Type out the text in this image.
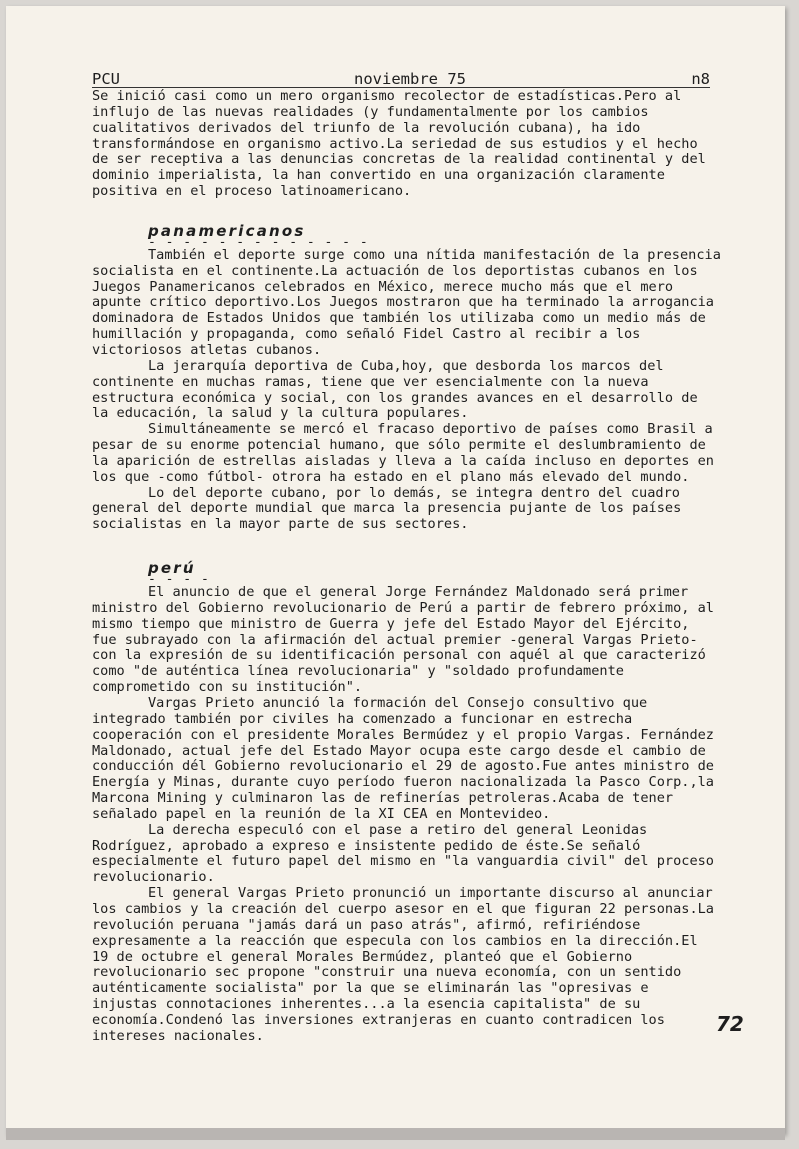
PCU	noviembre 75	n8

Se inició casi como un mero organismo recolector de estadísticas.Pero al influjo de las nuevas realidades (y fundamentalmente por los cambios cualitativos derivados del triunfo de la revolución cubana), ha ido transformándose en organismo activo.La seriedad de sus estudios y el hecho de ser receptiva a las denuncias concretas de la realidad continental y del dominio imperialista, la han convertido en una organización claramente positiva en el proceso latinoamericano.

panamericanos
- - - - - - - - - - - - -

También el deporte surge como una nítida manifestación de la presencia socialista en el continente.La actuación de los deportistas cubanos en los Juegos Panamericanos celebrados en México, merece mucho más que el mero apunte crítico deportivo.Los Juegos mostraron que ha terminado la arrogancia dominadora de Estados Unidos que también los utilizaba como un medio más de humillación y propaganda, como señaló Fidel Castro al recibir a los victoriosos atletas cubanos.

La jerarquía deportiva de Cuba,hoy, que desborda los marcos del continente en muchas ramas, tiene que ver esencialmente con la nueva estructura económica y social, con los grandes avances en el desarrollo de la educación, la salud y la cultura populares.

Simultáneamente se mercó el fracaso deportivo de países como Brasil a pesar de su enorme potencial humano, que sólo permite el deslumbramiento de la aparición de estrellas aisladas y lleva a la caída incluso en deportes en los que -como fútbol- otrora ha estado en el plano más elevado del mundo.

Lo del deporte cubano, por lo demás, se integra dentro del cuadro general del deporte mundial que marca la presencia pujante de los países socialistas en la mayor parte de sus sectores.

perú
- - - -

El anuncio de que el general Jorge Fernández Maldonado será primer ministro del Gobierno revolucionario de Perú a partir de febrero próximo, al mismo tiempo que ministro de Guerra y jefe del Estado Mayor del Ejército, fue subrayado con la afirmación del actual premier -general Vargas Prieto- con la expresión de su identificación personal con aquél al que caracterizó como "de auténtica línea revolucionaria" y "soldado profundamente comprometido con su institución".

Vargas Prieto anunció la formación del Consejo consultivo que integrado también por civiles ha comenzado a funcionar en estrecha cooperación con el presidente Morales Bermúdez y el propio Vargas. Fernández Maldonado, actual jefe del Estado Mayor ocupa este cargo desde el cambio de conducción dél Gobierno revolucionario el 29 de agosto.Fue antes ministro de Energía y Minas, durante cuyo período fueron nacionalizada la Pasco Corp.,la Marcona Mining y culminaron las de refinerías petroleras.Acaba de tener señalado papel en la reunión de la XI CEA en Montevideo.

La derecha especuló con el pase a retiro del general Leonidas Rodríguez, aprobado a expreso e insistente pedido de éste.Se señaló especialmente el futuro papel del mismo en "la vanguardia civil" del proceso revolucionario.

El general Vargas Prieto pronunció un importante discurso al anunciar los cambios y la creación del cuerpo asesor en el que figuran 22 personas.La revolución peruana "jamás dará un paso atrás", afirmó, refiriéndose expresamente a la reacción que especula con los cambios en la dirección.El 19 de octubre el general Morales Bermúdez, planteó que el Gobierno revolucionario sec propone "construir una nueva economía, con un sentido auténticamente socialista" por la que se eliminarán las "opresivas e injustas connotaciones inherentes...a la esencia capitalista" de su economía.Condenó las inversiones extranjeras en cuanto contradicen los intereses nacionales.	72
